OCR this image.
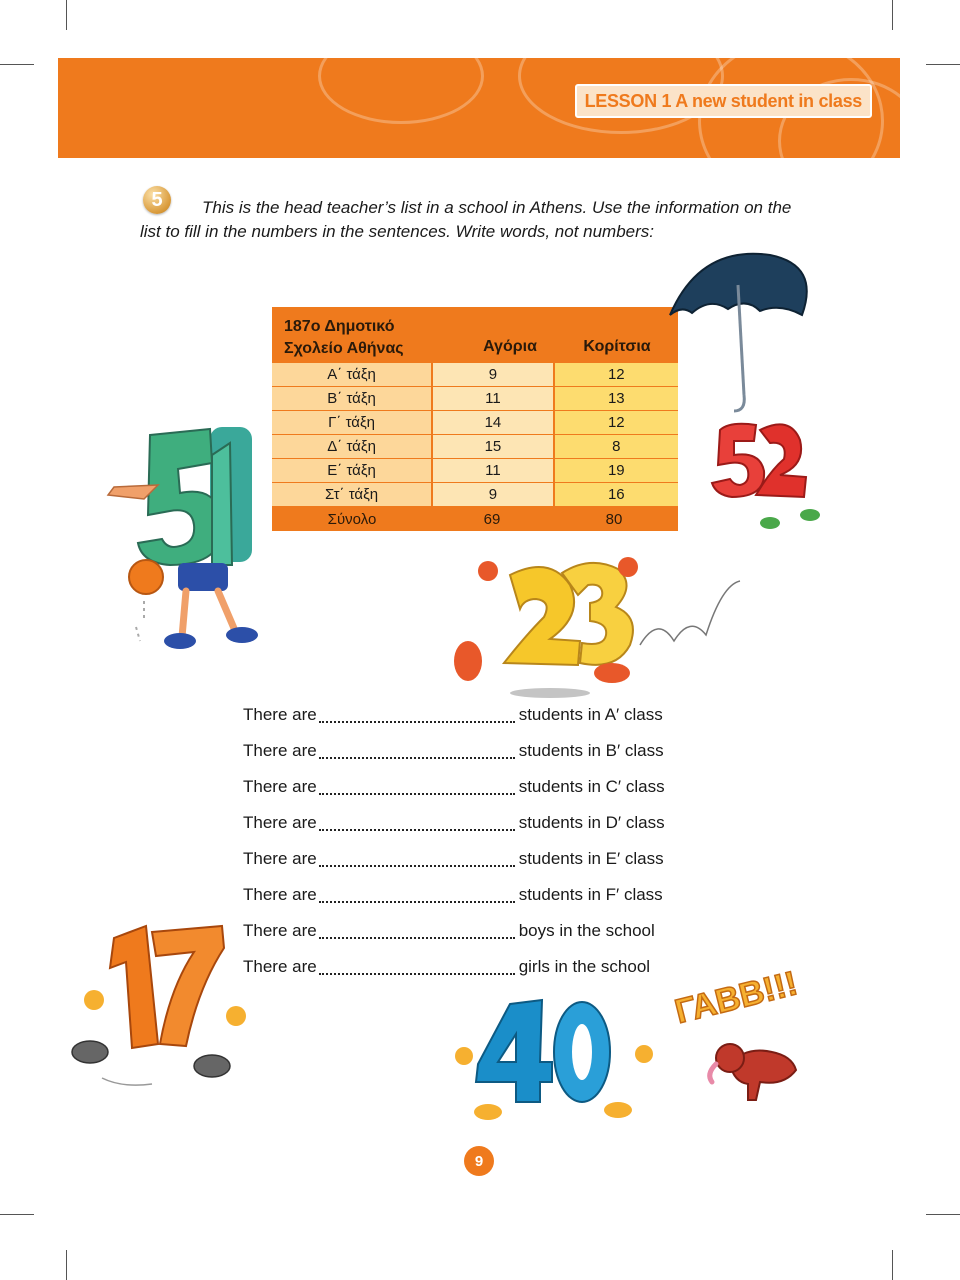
LESSON 1 A new student in class
5	This is the head teacher’s list in a school in Athens. Use the information on the
list to fill in the numbers in the sentences. Write words, not numbers:
187ο Δημοτικό
Σχολείο Αθήνας	Αγόρια	Κορίτσια
Α΄ τάξη	9	12
Β΄ τάξη	11	13
Γ΄ τάξη	14	12
Δ΄ τάξη	15	8
Ε΄ τάξη	11	19
Στ΄ τάξη	9	16
Σύνολο	69	80
There are	students in A′ class
There are	students in B′ class
There are	students in C′ class
There are	students in D′ class
There are	students in E′ class
There are	students in F′ class
There are	boys in the school
There are	girls in the school ΓΑΒΒ!!!
9
